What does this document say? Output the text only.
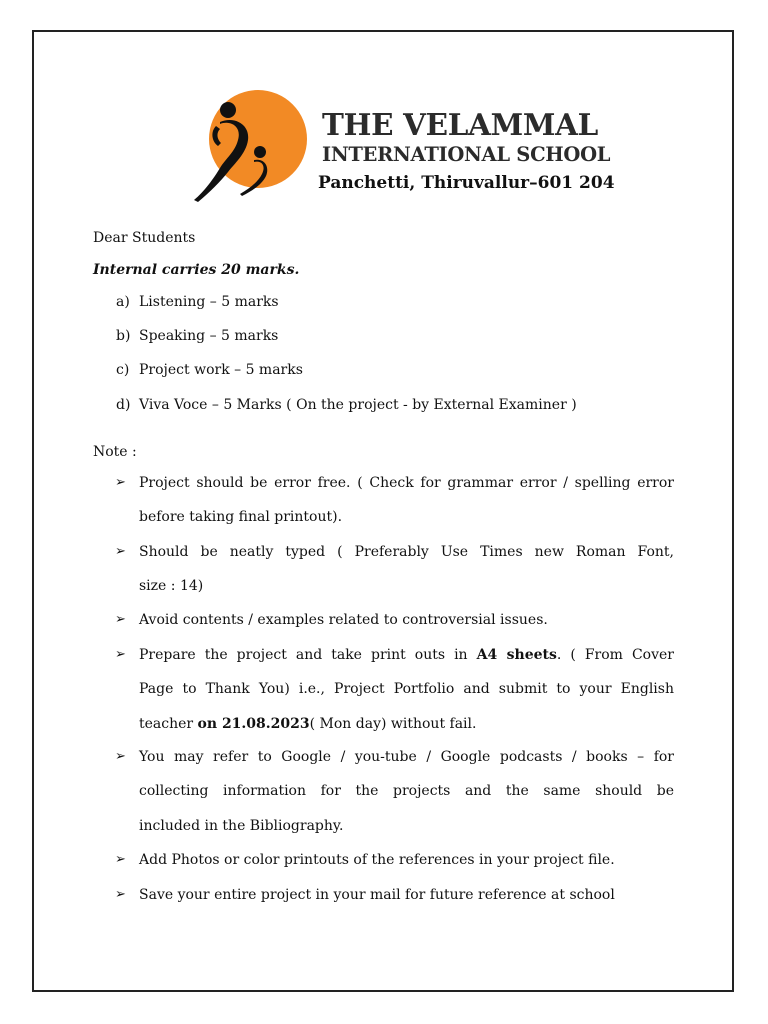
THE VELAMMAL
INTERNATIONAL SCHOOL
Panchetti, Thiruvallur–601 204
Dear Students
Internal carries 20 marks.
a) Listening – 5 marks
b) Speaking – 5 marks
c) Project work – 5 marks
d) Viva Voce – 5 Marks ( On the project - by External Examiner )
Note :
➢ Project should be error free. ( Check for grammar error / spelling error
before taking final printout).
➢ Should be neatly typed ( Preferably Use Times new Roman Font,
size : 14)
➢ Avoid contents / examples related to controversial issues.
➢ Prepare the project and take print outs in A4 sheets. ( From Cover
Page to Thank You) i.e., Project Portfolio and submit to your English
teacher on 21.08.2023( Mon day) without fail.
➢ You may refer to Google / you-tube / Google podcasts / books – for
collecting information for the projects and the same should be
included in the Bibliography.
➢ Add Photos or color printouts of the references in your project file.
➢ Save your entire project in your mail for future reference at school
